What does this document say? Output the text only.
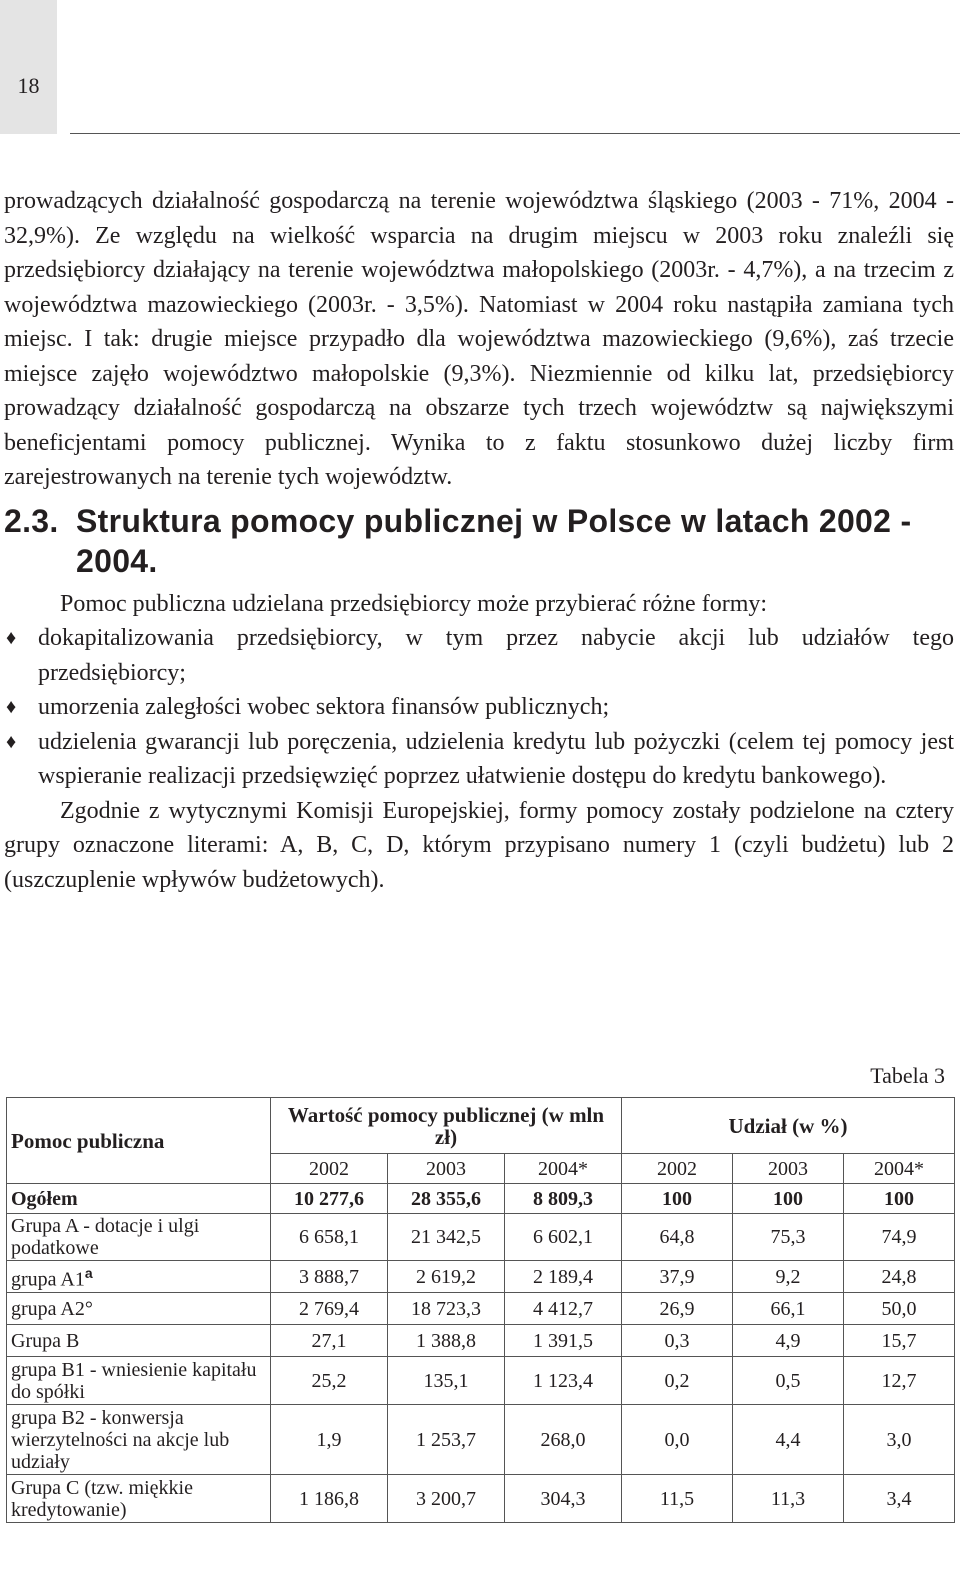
18

prowadzących działalność gospodarczą na terenie województwa śląskiego (2003 - 71%, 2004 - 32,9%). Ze względu na wielkość wsparcia na drugim miejscu w 2003 roku znaleźli się przedsiębiorcy działający na terenie województwa małopolskiego (2003r. - 4,7%), a na trzecim z województwa mazowieckiego (2003r. - 3,5%). Natomiast w 2004 roku nastąpiła zamiana tych miejsc. I tak: drugie miejsce przypadło dla województwa mazowieckiego (9,6%), zaś trzecie miejsce zajęło województwo małopolskie (9,3%). Niezmiennie od kilku lat, przedsiębiorcy prowadzący działalność gospodarczą na obszarze tych trzech województw są największymi beneficjentami pomocy publicznej. Wynika to z faktu stosunkowo dużej liczby firm zarejestrowanych na terenie tych województw.

2.3. Struktura pomocy publicznej w Polsce w latach 2002 - 2004.

Pomoc publiczna udzielana przedsiębiorcy może przybierać różne formy:

♦ dokapitalizowania przedsiębiorcy, w tym przez nabycie akcji lub udziałów tego przedsiębiorcy;
♦ umorzenia zaległości wobec sektora finansów publicznych;
♦ udzielenia gwarancji lub poręczenia, udzielenia kredytu lub pożyczki (celem tej pomocy jest wspieranie realizacji przedsięwzięć poprzez ułatwienie dostępu do kredytu bankowego).

Zgodnie z wytycznymi Komisji Europejskiej, formy pomocy zostały podzielone na cztery grupy oznaczone literami: A, B, C, D, którym przypisano numery 1 (czyli budżetu) lub 2 (uszczuplenie wpływów budżetowych).

Tabela 3
Pomoc publiczna	Wartość pomocy publicznej (w mln zł)			Udział (w %)		
	2002	2003	2004*	2002	2003	2004*
Ogółem	10 277,6	28 355,6	8 809,3	100	100	100
Grupa A - dotacje i ulgi podatkowe	6 658,1	21 342,5	6 602,1	64,8	75,3	74,9
grupa A1$^a$	3 888,7	2 619,2	2 189,4	37,9	9,2	24,8
grupa A2°	2 769,4	18 723,3	4 412,7	26,9	66,1	50,0
Grupa B	27,1	1 388,8	1 391,5	0,3	4,9	15,7
grupa B1 - wniesienie kapitału do spółki	25,2	135,1	1 123,4	0,2	0,5	12,7
grupa B2 - konwersja wierzytelności na akcje lub udziały	1,9	1 253,7	268,0	0,0	4,4	3,0
Grupa C (tzw. miękkie kredytowanie)	1 186,8	3 200,7	304,3	11,5	11,3	3,4
